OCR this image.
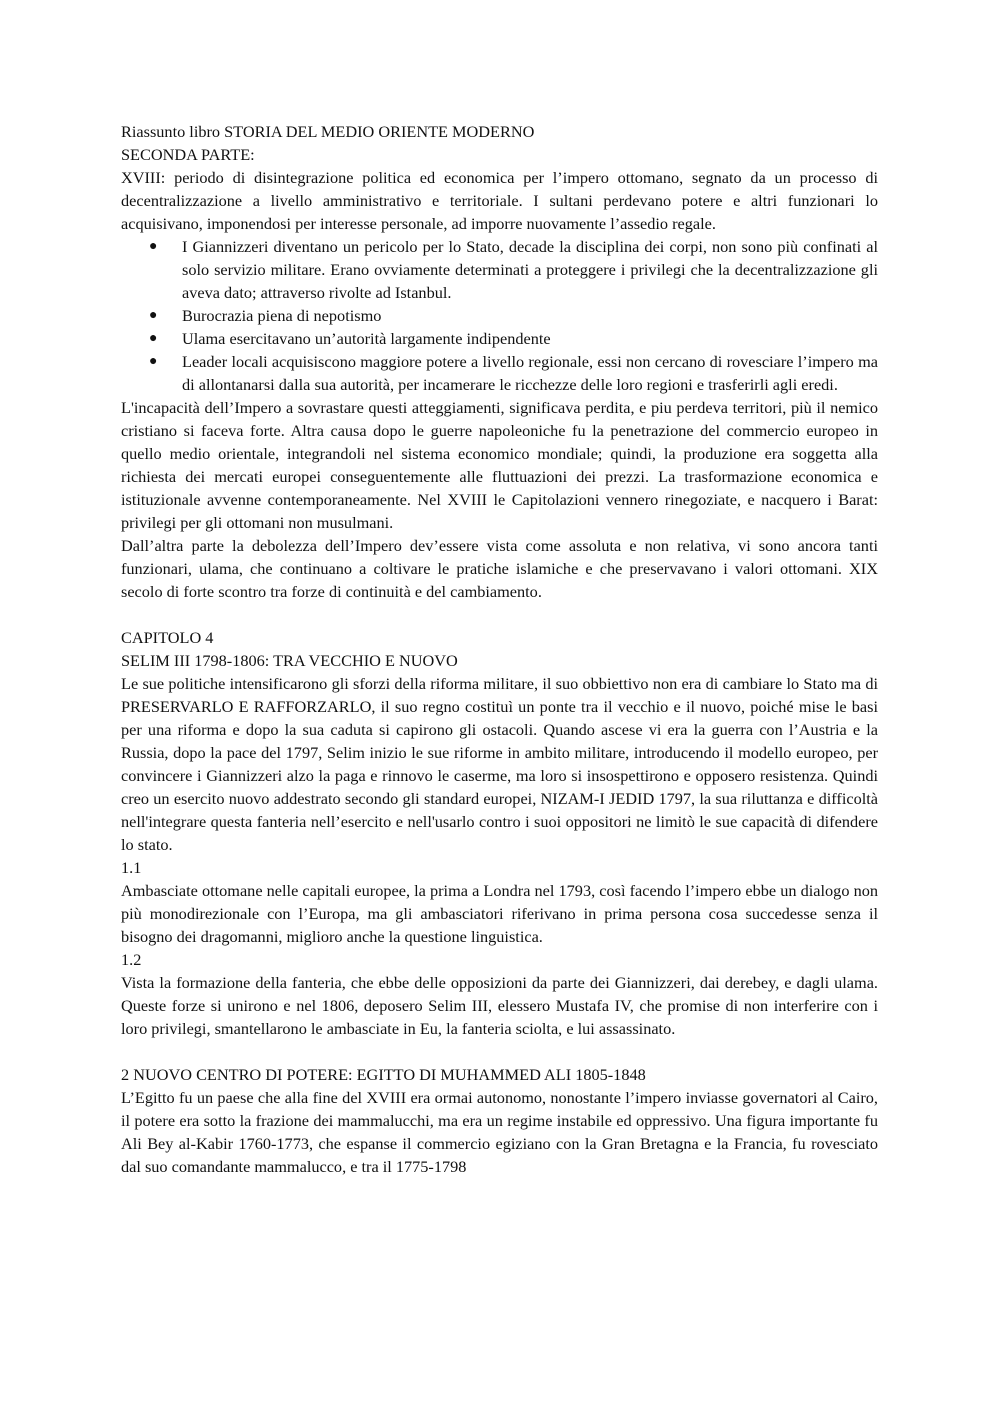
Riassunto libro STORIA DEL MEDIO ORIENTE MODERNO
SECONDA PARTE:

XVIII: periodo di disintegrazione politica ed economica per l’impero ottomano, segnato da un processo di decentralizzazione a livello amministrativo e territoriale. I sultani perdevano potere e altri funzionari lo acquisivano, imponendosi per interesse personale, ad imporre nuovamente l’assedio regale.

● I Giannizzeri diventano un pericolo per lo Stato, decade la disciplina dei corpi, non sono più confinati al solo servizio militare. Erano ovviamente determinati a proteggere i privilegi che la decentralizzazione gli aveva dato; attraverso rivolte ad Istanbul.
● Burocrazia piena di nepotismo
● Ulama esercitavano un’autorità largamente indipendente
● Leader locali acquisiscono maggiore potere a livello regionale, essi non cercano di rovesciare l’impero ma di allontanarsi dalla sua autorità, per incamerare le ricchezze delle loro regioni e trasferirli agli eredi.

L'incapacità dell’Impero a sovrastare questi atteggiamenti, significava perdita, e piu perdeva territori, più il nemico cristiano si faceva forte. Altra causa dopo le guerre napoleoniche fu la penetrazione del commercio europeo in quello medio orientale, integrandoli nel sistema economico mondiale; quindi, la produzione era soggetta alla richiesta dei mercati europei conseguentemente alle fluttuazioni dei prezzi. La trasformazione economica e istituzionale avvenne contemporaneamente. Nel XVIII le Capitolazioni vennero rinegoziate, e nacquero i Barat: privilegi per gli ottomani non musulmani.

Dall’altra parte la debolezza dell’Impero dev’essere vista come assoluta e non relativa, vi sono ancora tanti funzionari, ulama, che continuano a coltivare le pratiche islamiche e che preservavano i valori ottomani. XIX secolo di forte scontro tra forze di continuità e del cambiamento.

CAPITOLO 4
SELIM III 1798-1806: TRA VECCHIO E NUOVO

Le sue politiche intensificarono gli sforzi della riforma militare, il suo obbiettivo non era di cambiare lo Stato ma di PRESERVARLO E RAFFORZARLO, il suo regno costituì un ponte tra il vecchio e il nuovo, poiché mise le basi per una riforma e dopo la sua caduta si capirono gli ostacoli. Quando ascese vi era la guerra con l’Austria e la Russia, dopo la pace del 1797, Selim inizio le sue riforme in ambito militare, introducendo il modello europeo, per convincere i Giannizzeri alzo la paga e rinnovo le caserme, ma loro si insospettirono e opposero resistenza. Quindi creo un esercito nuovo addestrato secondo gli standard europei, NIZAM-I JEDID 1797, la sua riluttanza e difficoltà nell'integrare questa fanteria nell’esercito e nell'usarlo contro i suoi oppositori ne limitò le sue capacità di difendere lo stato.

1.1

Ambasciate ottomane nelle capitali europee, la prima a Londra nel 1793, così facendo l’impero ebbe un dialogo non più monodirezionale con l’Europa, ma gli ambasciatori riferivano in prima persona cosa succedesse senza il bisogno dei dragomanni, miglioro anche la questione linguistica.

1.2

Vista la formazione della fanteria, che ebbe delle opposizioni da parte dei Giannizzeri, dai derebey, e dagli ulama. Queste forze si unirono e nel 1806, deposero Selim III, elessero Mustafa IV, che promise di non interferire con i loro privilegi, smantellarono le ambasciate in Eu, la fanteria sciolta, e lui assassinato.

2 NUOVO CENTRO DI POTERE: EGITTO DI MUHAMMED ALI 1805-1848

L’Egitto fu un paese che alla fine del XVIII era ormai autonomo, nonostante l’impero inviasse governatori al Cairo, il potere era sotto la frazione dei mammalucchi, ma era un regime instabile ed oppressivo. Una figura importante fu Ali Bey al-Kabir 1760-1773, che espanse il commercio egiziano con la Gran Bretagna e la Francia, fu rovesciato dal suo comandante mammalucco, e tra il 1775-1798
